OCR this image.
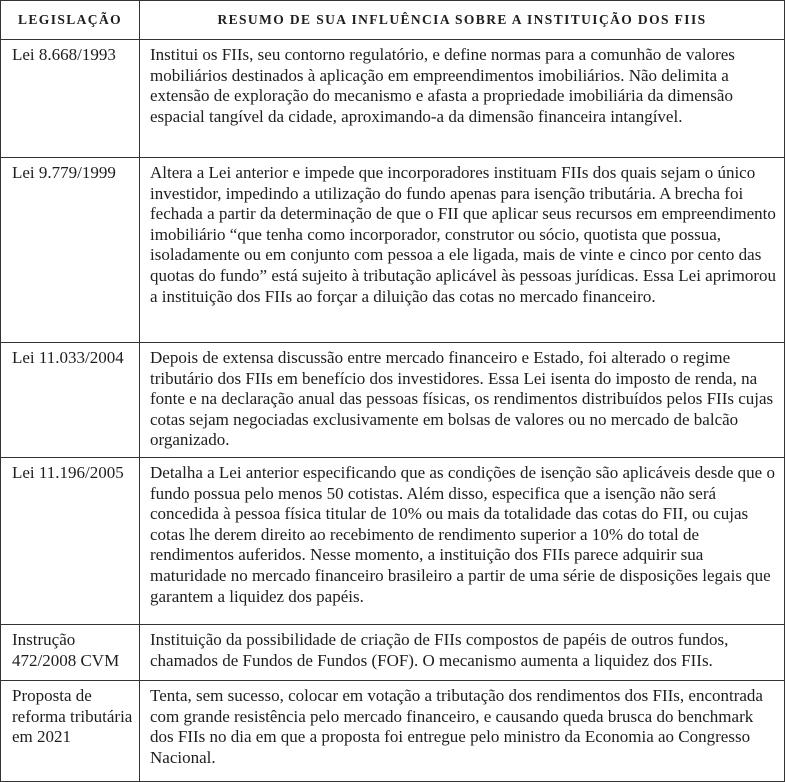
LEGISLAÇÃO	RESUMO DE SUA INFLUÊNCIA SOBRE A INSTITUIÇÃO DOS FIIS
Lei 8.668/1993	Institui os FIIs, seu contorno regulatório, e define normas para a comunhão de valores mobiliários destinados à aplicação em empreendimentos imobiliários. Não delimita a extensão de exploração do mecanismo e afasta a propriedade imobiliária da dimensão espacial tangível da cidade, aproximando-a da dimensão financeira intangível.
Lei 9.779/1999	Altera a Lei anterior e impede que incorporadores instituam FIIs dos quais sejam o único investidor, impedindo a utilização do fundo apenas para isenção tributária. A brecha foi fechada a partir da determinação de que o FII que aplicar seus recursos em empreendimento imobiliário “que tenha como incorporador, construtor ou sócio, quotista que possua, isoladamente ou em conjunto com pessoa a ele ligada, mais de vinte e cinco por cento das quotas do fundo” está sujeito à tributação aplicável às pessoas jurídicas. Essa Lei aprimorou a instituição dos FIIs ao forçar a diluição das cotas no mercado financeiro.
Lei 11.033/2004	Depois de extensa discussão entre mercado financeiro e Estado, foi alterado o regime tributário dos FIIs em benefício dos investidores. Essa Lei isenta do imposto de renda, na fonte e na declaração anual das pessoas físicas, os rendimentos distribuídos pelos FIIs cujas cotas sejam negociadas exclusivamente em bolsas de valores ou no mercado de balcão organizado.
Lei 11.196/2005	Detalha a Lei anterior especificando que as condições de isenção são aplicáveis desde que o fundo possua pelo menos 50 cotistas. Além disso, especifica que a isenção não será concedida à pessoa física titular de 10% ou mais da totalidade das cotas do FII, ou cujas cotas lhe derem direito ao recebimento de rendimento superior a 10% do total de rendimentos auferidos. Nesse momento, a instituição dos FIIs parece adquirir sua maturidade no mercado financeiro brasileiro a partir de uma série de disposições legais que garantem a liquidez dos papéis.
Instrução 472/2008 CVM	Instituição da possibilidade de criação de FIIs compostos de papéis de outros fundos, chamados de Fundos de Fundos (FOF). O mecanismo aumenta a liquidez dos FIIs.
Proposta de reforma tributária em 2021	Tenta, sem sucesso, colocar em votação a tributação dos rendimentos dos FIIs, encontrada com grande resistência pelo mercado financeiro, e causando queda brusca do benchmark dos FIIs no dia em que a proposta foi entregue pelo ministro da Economia ao Congresso Nacional.
